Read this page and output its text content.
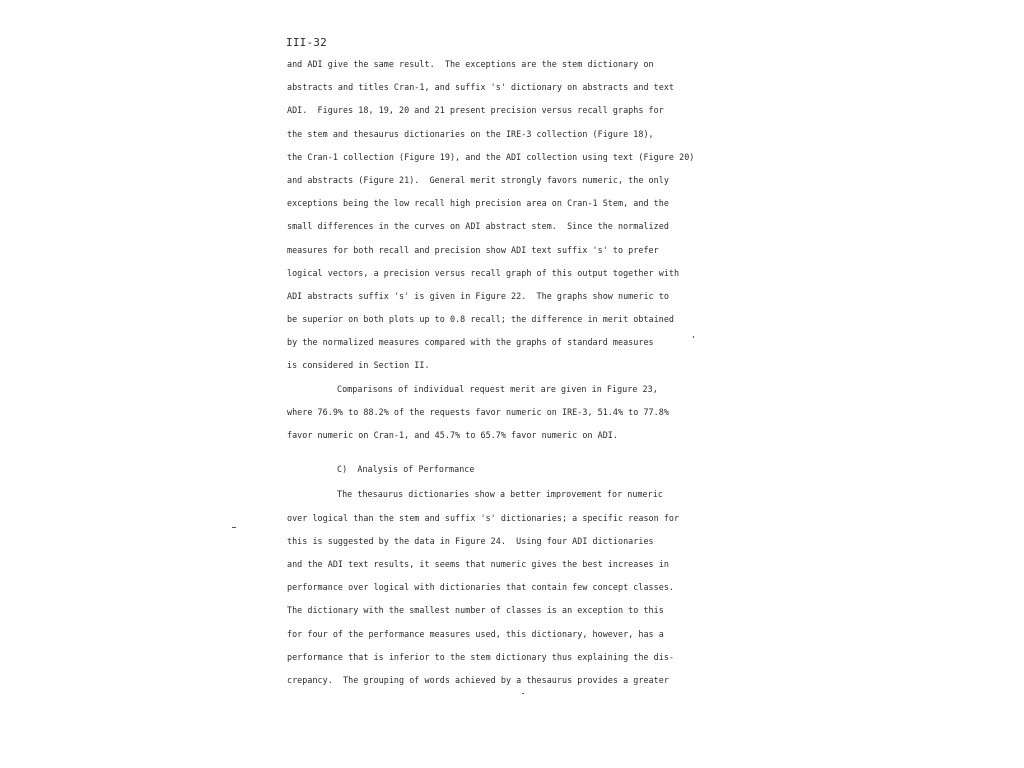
III-32
and ADI give the same result.  The exceptions are the stem dictionary on
abstracts and titles Cran-1, and suffix 's' dictionary on abstracts and text
ADI.  Figures 18, 19, 20 and 21 present precision versus recall graphs for
the stem and thesaurus dictionaries on the IRE-3 collection (Figure 18),
the Cran-1 collection (Figure 19), and the ADI collection using text (Figure 20)
and abstracts (Figure 21).  General merit strongly favors numeric, the only
exceptions being the low recall high precision area on Cran-1 Stem, and the
small differences in the curves on ADI abstract stem.  Since the normalized
measures for both recall and precision show ADI text suffix 's' to prefer
logical vectors, a precision versus recall graph of this output together with
ADI abstracts suffix 's' is given in Figure 22.  The graphs show numeric to
be superior on both plots up to 0.8 recall; the difference in merit obtained
by the normalized measures compared with the graphs of standard measures
is considered in Section II.
Comparisons of individual request merit are given in Figure 23,
where 76.9% to 88.2% of the requests favor numeric on IRE-3, 51.4% to 77.8%
favor numeric on Cran-1, and 45.7% to 65.7% favor numeric on ADI.
C)  Analysis of Performance
The thesaurus dictionaries show a better improvement for numeric
over logical than the stem and suffix 's' dictionaries; a specific reason for
this is suggested by the data in Figure 24.  Using four ADI dictionaries
and the ADI text results, it seems that numeric gives the best increases in
performance over logical with dictionaries that contain few concept classes.
The dictionary with the smallest number of classes is an exception to this
for four of the performance measures used, this dictionary, however, has a
performance that is inferior to the stem dictionary thus explaining the dis-
crepancy.  The grouping of words achieved by a thesaurus provides a greater
